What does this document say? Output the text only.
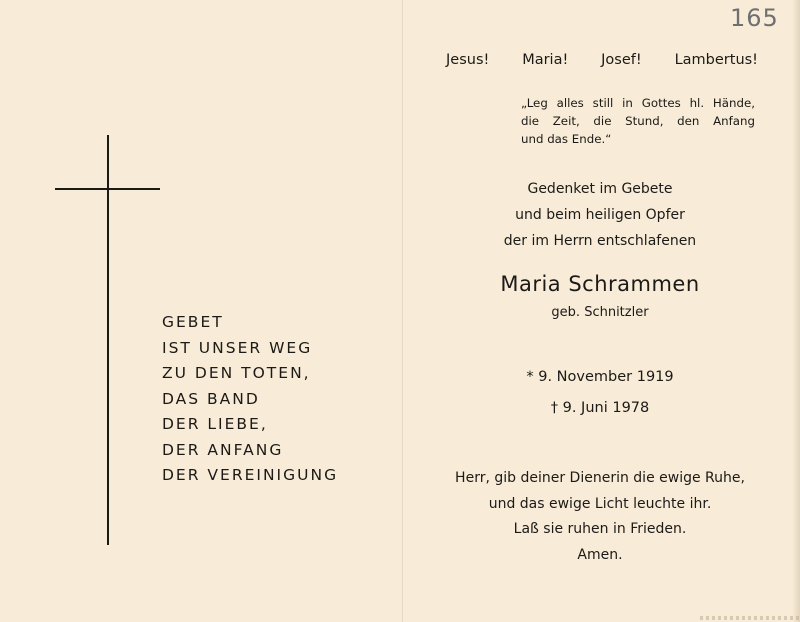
165
GEBET
IST UNSER WEG
ZU DEN TOTEN,
DAS BAND
DER LIEBE,
DER ANFANG
DER VEREINIGUNG
Jesus! Maria! Josef! Lambertus!

„Leg alles still in Gottes hl. Hände,
die Zeit, die Stund, den Anfang
und das Ende.“

Gedenket im Gebete
und beim heiligen Opfer
der im Herrn entschlafenen
Maria Schrammen
geb. Schnitzler
* 9. November 1919
† 9. Juni 1978
Herr, gib deiner Dienerin die ewige Ruhe,
und das ewige Licht leuchte ihr.
Laß sie ruhen in Frieden.
Amen.
